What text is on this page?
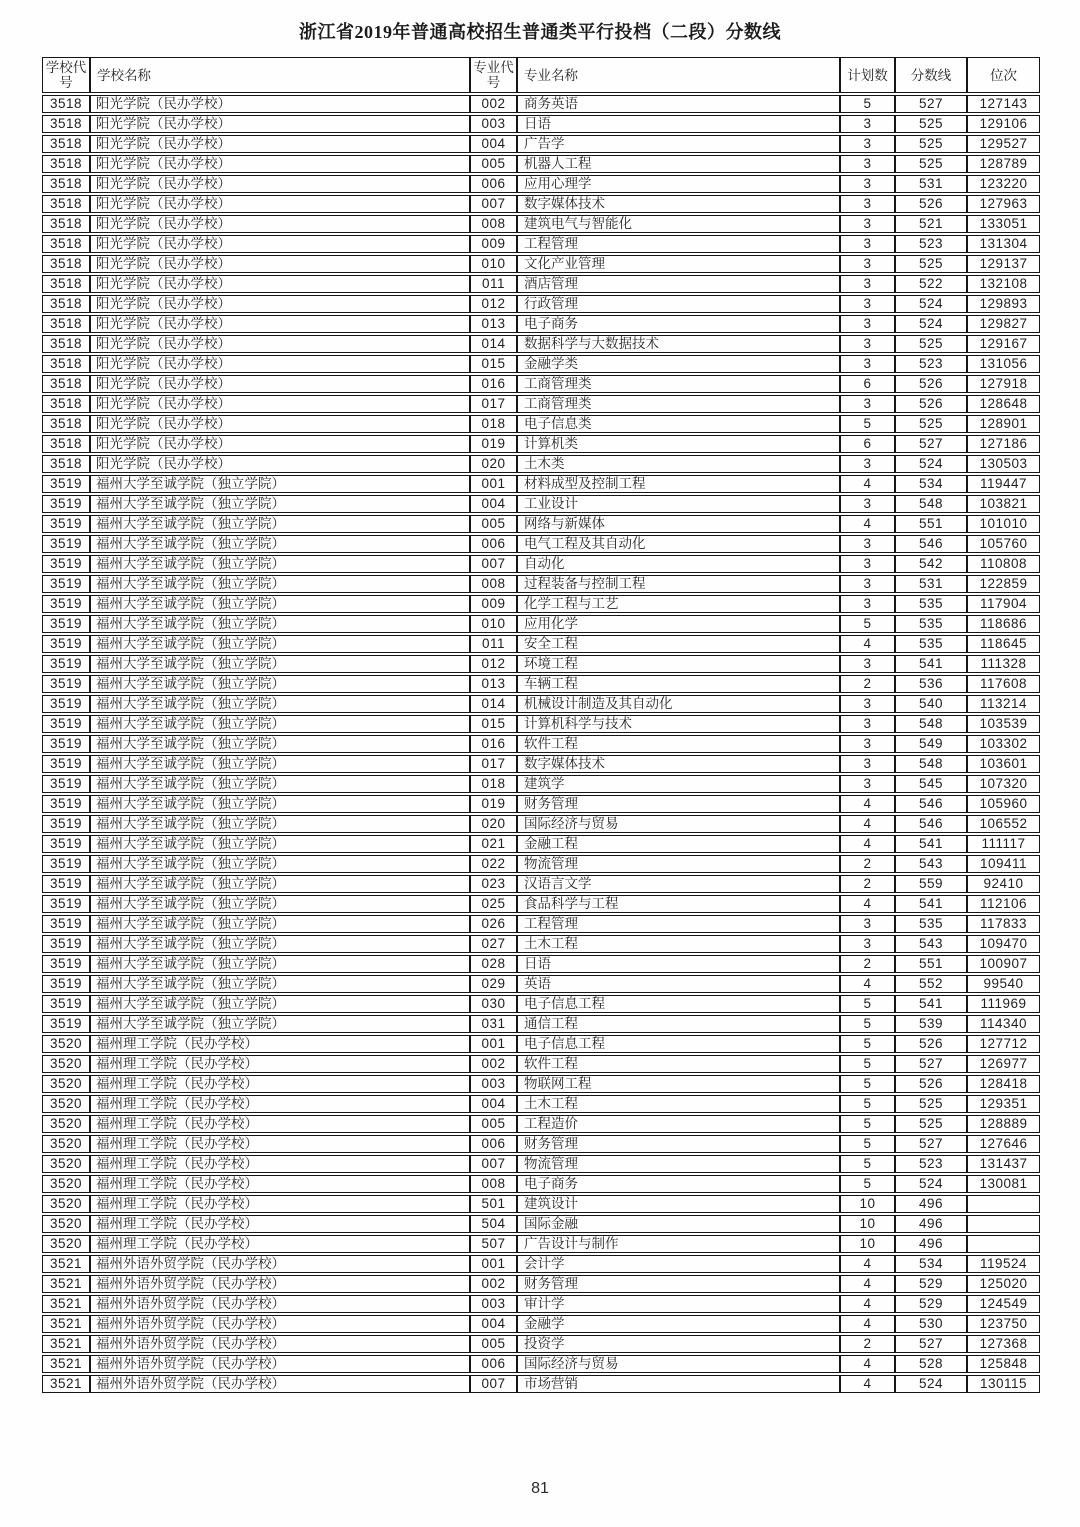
浙江省2019年普通高校招生普通类平行投档（二段）分数线
学校代号	学校名称	专业代号	专业名称	计划数	分数线	位次
3518	阳光学院（民办学校）	002	商务英语	5	527	127143
3518	阳光学院（民办学校）	003	日语	3	525	129106
3518	阳光学院（民办学校）	004	广告学	3	525	129527
3518	阳光学院（民办学校）	005	机器人工程	3	525	128789
3518	阳光学院（民办学校）	006	应用心理学	3	531	123220
3518	阳光学院（民办学校）	007	数字媒体技术	3	526	127963
3518	阳光学院（民办学校）	008	建筑电气与智能化	3	521	133051
3518	阳光学院（民办学校）	009	工程管理	3	523	131304
3518	阳光学院（民办学校）	010	文化产业管理	3	525	129137
3518	阳光学院（民办学校）	011	酒店管理	3	522	132108
3518	阳光学院（民办学校）	012	行政管理	3	524	129893
3518	阳光学院（民办学校）	013	电子商务	3	524	129827
3518	阳光学院（民办学校）	014	数据科学与大数据技术	3	525	129167
3518	阳光学院（民办学校）	015	金融学类	3	523	131056
3518	阳光学院（民办学校）	016	工商管理类	6	526	127918
3518	阳光学院（民办学校）	017	工商管理类	3	526	128648
3518	阳光学院（民办学校）	018	电子信息类	5	525	128901
3518	阳光学院（民办学校）	019	计算机类	6	527	127186
3518	阳光学院（民办学校）	020	土木类	3	524	130503
3519	福州大学至诚学院（独立学院）	001	材料成型及控制工程	4	534	119447
3519	福州大学至诚学院（独立学院）	004	工业设计	3	548	103821
3519	福州大学至诚学院（独立学院）	005	网络与新媒体	4	551	101010
3519	福州大学至诚学院（独立学院）	006	电气工程及其自动化	3	546	105760
3519	福州大学至诚学院（独立学院）	007	自动化	3	542	110808
3519	福州大学至诚学院（独立学院）	008	过程装备与控制工程	3	531	122859
3519	福州大学至诚学院（独立学院）	009	化学工程与工艺	3	535	117904
3519	福州大学至诚学院（独立学院）	010	应用化学	5	535	118686
3519	福州大学至诚学院（独立学院）	011	安全工程	4	535	118645
3519	福州大学至诚学院（独立学院）	012	环境工程	3	541	111328
3519	福州大学至诚学院（独立学院）	013	车辆工程	2	536	117608
3519	福州大学至诚学院（独立学院）	014	机械设计制造及其自动化	3	540	113214
3519	福州大学至诚学院（独立学院）	015	计算机科学与技术	3	548	103539
3519	福州大学至诚学院（独立学院）	016	软件工程	3	549	103302
3519	福州大学至诚学院（独立学院）	017	数字媒体技术	3	548	103601
3519	福州大学至诚学院（独立学院）	018	建筑学	3	545	107320
3519	福州大学至诚学院（独立学院）	019	财务管理	4	546	105960
3519	福州大学至诚学院（独立学院）	020	国际经济与贸易	4	546	106552
3519	福州大学至诚学院（独立学院）	021	金融工程	4	541	111117
3519	福州大学至诚学院（独立学院）	022	物流管理	2	543	109411
3519	福州大学至诚学院（独立学院）	023	汉语言文学	2	559	92410
3519	福州大学至诚学院（独立学院）	025	食品科学与工程	4	541	112106
3519	福州大学至诚学院（独立学院）	026	工程管理	3	535	117833
3519	福州大学至诚学院（独立学院）	027	土木工程	3	543	109470
3519	福州大学至诚学院（独立学院）	028	日语	2	551	100907
3519	福州大学至诚学院（独立学院）	029	英语	4	552	99540
3519	福州大学至诚学院（独立学院）	030	电子信息工程	5	541	111969
3519	福州大学至诚学院（独立学院）	031	通信工程	5	539	114340
3520	福州理工学院（民办学校）	001	电子信息工程	5	526	127712
3520	福州理工学院（民办学校）	002	软件工程	5	527	126977
3520	福州理工学院（民办学校）	003	物联网工程	5	526	128418
3520	福州理工学院（民办学校）	004	土木工程	5	525	129351
3520	福州理工学院（民办学校）	005	工程造价	5	525	128889
3520	福州理工学院（民办学校）	006	财务管理	5	527	127646
3520	福州理工学院（民办学校）	007	物流管理	5	523	131437
3520	福州理工学院（民办学校）	008	电子商务	5	524	130081
3520	福州理工学院（民办学校）	501	建筑设计	10	496	
3520	福州理工学院（民办学校）	504	国际金融	10	496	
3520	福州理工学院（民办学校）	507	广告设计与制作	10	496	
3521	福州外语外贸学院（民办学校）	001	会计学	4	534	119524
3521	福州外语外贸学院（民办学校）	002	财务管理	4	529	125020
3521	福州外语外贸学院（民办学校）	003	审计学	4	529	124549
3521	福州外语外贸学院（民办学校）	004	金融学	4	530	123750
3521	福州外语外贸学院（民办学校）	005	投资学	2	527	127368
3521	福州外语外贸学院（民办学校）	006	国际经济与贸易	4	528	125848
3521	福州外语外贸学院（民办学校）	007	市场营销	4	524	130115
81
